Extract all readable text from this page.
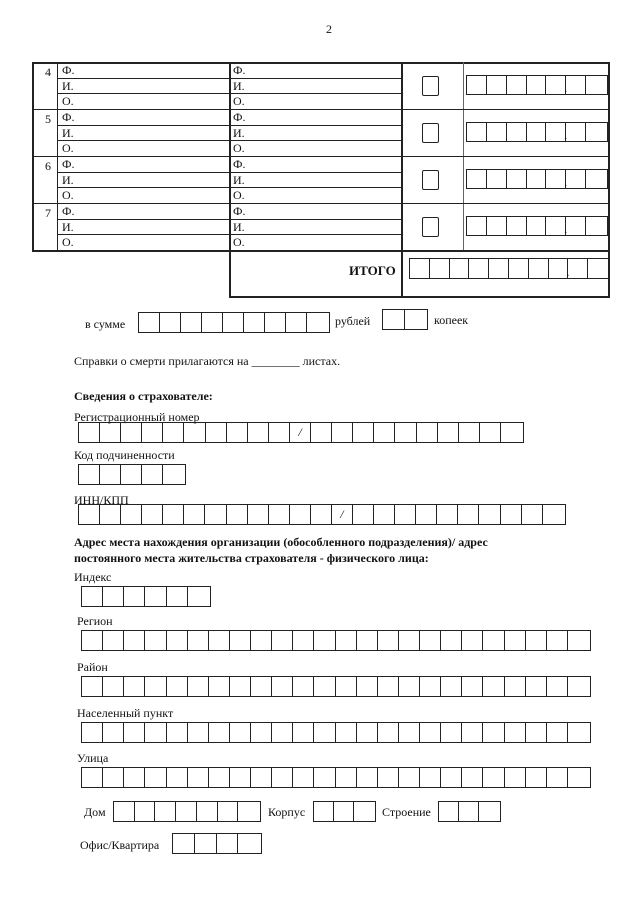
2
4 Ф.	Ф.
И.	И.
О.	О.
.
5 Ф.	Ф.
И.	И.
О.	О.
.
6 Ф.	Ф.
И.	И.
О.	О.
.
7 Ф.	Ф.
И.	И.
О.	О.
.
ИТОГО	.
в сумме	рублей	копеек
Справки о смерти прилагаются на ________ листах.
Сведения о страхователе:
Регистрационный номер
/
Код подчиненности
ИНН/КПП
/
Адрес места нахождения организации (обособленного подразделения)/ адрес
постоянного места жительства страхователя - физического лица:
Индекс
Регион
Район
Населенный пункт
Улица
Дом	Корпус	Строение
Офис/Квартира
